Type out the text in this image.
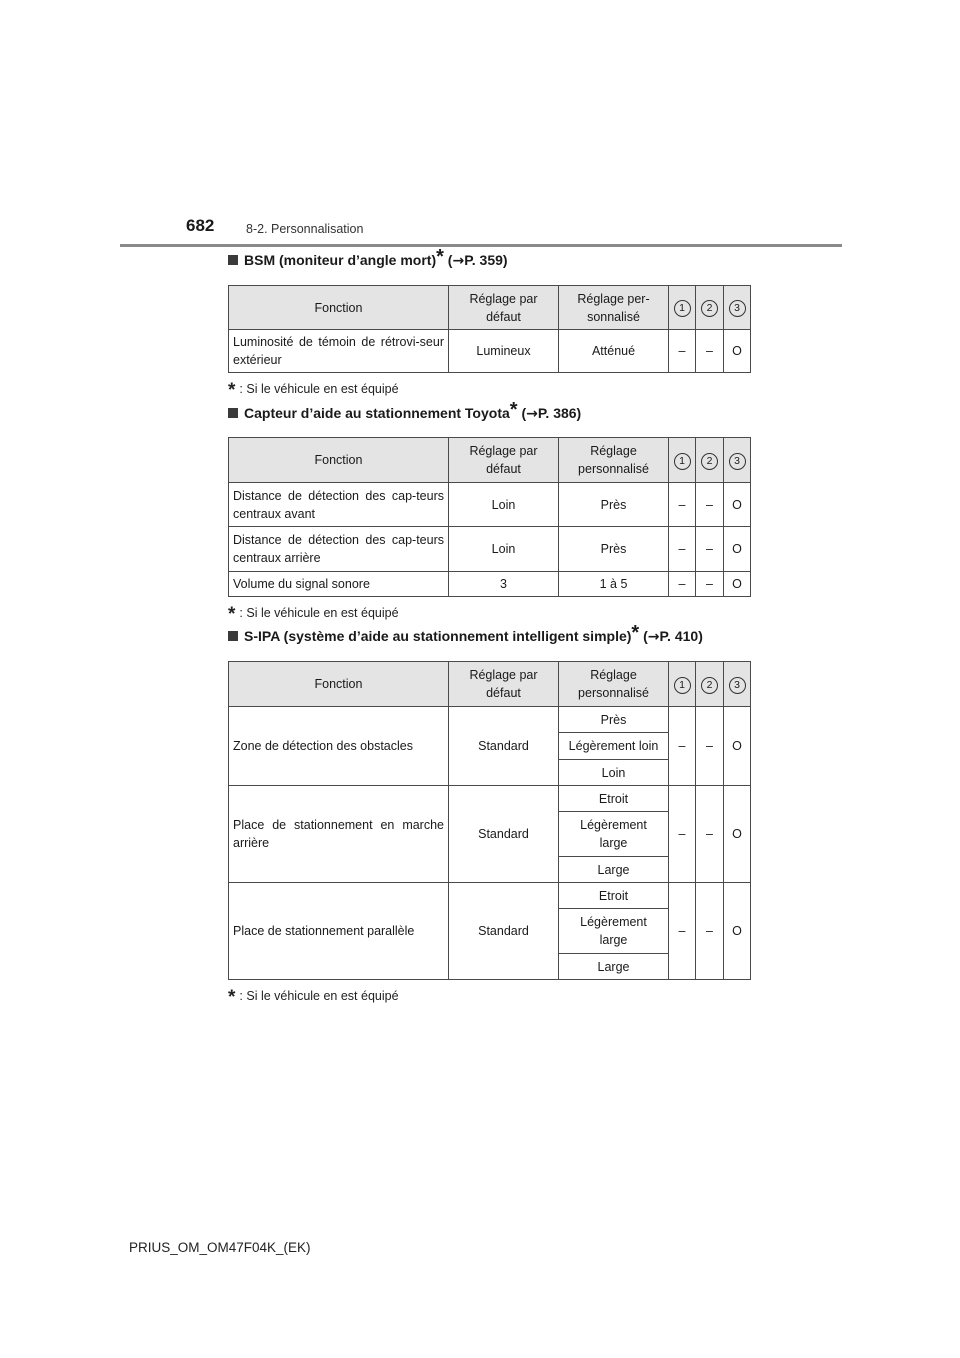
682	8-2. Personnalisation
BSM (moniteur d’angle mort)* (→P. 359)
Fonction	Réglage par défaut	Réglage per-sonnalisé	1	2	3
Luminosité de témoin de rétrovi-seur extérieur	Lumineux	Atténué	–	–	O
* : Si le véhicule en est équipé
Capteur d’aide au stationnement Toyota* (→P. 386)
Fonction	Réglage par défaut	Réglage personnalisé	1	2	3
Distance de détection des cap-teurs centraux avant	Loin	Près	–	–	O
Distance de détection des cap-teurs centraux arrière	Loin	Près	–	–	O
Volume du signal sonore	3	1 à 5	–	–	O
* : Si le véhicule en est équipé
S-IPA (système d’aide au stationnement intelligent simple)* (→P. 410)
Fonction	Réglage par défaut	Réglage personnalisé	1	2	3
Zone de détection des obstacles	Standard	Près	–	–	O
		Légèrement loin			
		Loin			
Place de stationnement en marche arrière	Standard	Etroit	–	–	O
		Légèrement large			
		Large			
Place de stationnement parallèle	Standard	Etroit	–	–	O
		Légèrement large			
		Large			
* : Si le véhicule en est équipé
PRIUS_OM_OM47F04K_(EK)
